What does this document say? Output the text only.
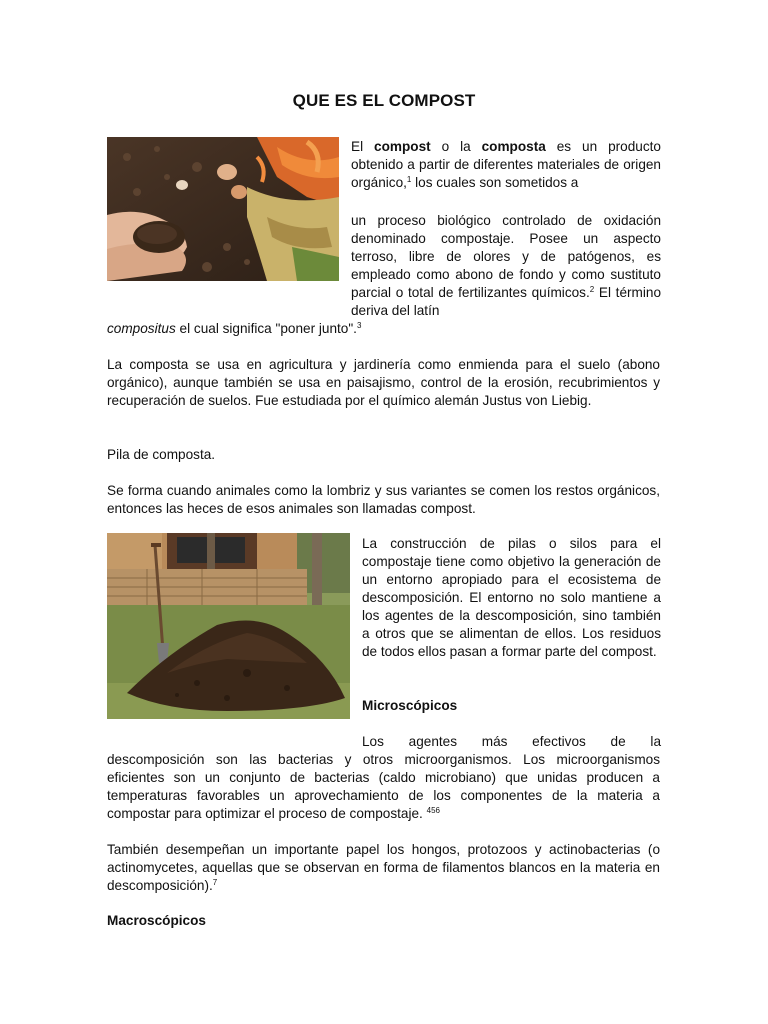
QUE ES EL COMPOST

El compost o la composta es un producto obtenido a partir de diferentes materiales de origen orgánico,$^1$ los cuales son sometidos a

un proceso biológico controlado de oxidación denominado compostaje. Posee un aspecto terroso, libre de olores y de patógenos, es empleado como abono de fondo y como sustituto parcial o total de fertilizantes químicos.$^2$ El término deriva del latín

compositus el cual significa "poner junto".$^3$

La composta se usa en agricultura y jardinería como enmienda para el suelo (abono orgánico), aunque también se usa en paisajismo, control de la erosión, recubrimientos y recuperación de suelos. Fue estudiada por el químico alemán Justus von Liebig.

Pila de composta.

Se forma cuando animales como la lombriz y sus variantes se comen los restos orgánicos, entonces las heces de esos animales son llamadas compost.

La construcción de pilas o silos para el compostaje tiene como objetivo la generación de un entorno apropiado para el ecosistema de descomposición. El entorno no solo mantiene a los agentes de la descomposición, sino también a otros que se alimentan de ellos. Los residuos de todos ellos pasan a formar parte del compost.

Microscópicos

Los agentes más efectivos de la

descomposición son las bacterias y otros microorganismos. Los microorganismos eficientes son un conjunto de bacterias (caldo microbiano) que unidas producen a temperaturas favorables un aprovechamiento de los componentes de la materia a compostar para optimizar el proceso de compostaje. $^{456}$

También desempeñan un importante papel los hongos, protozoos y actinobacterias (o actinomycetes, aquellas que se observan en forma de filamentos blancos en la materia en descomposición).$^7$

Macroscópicos
